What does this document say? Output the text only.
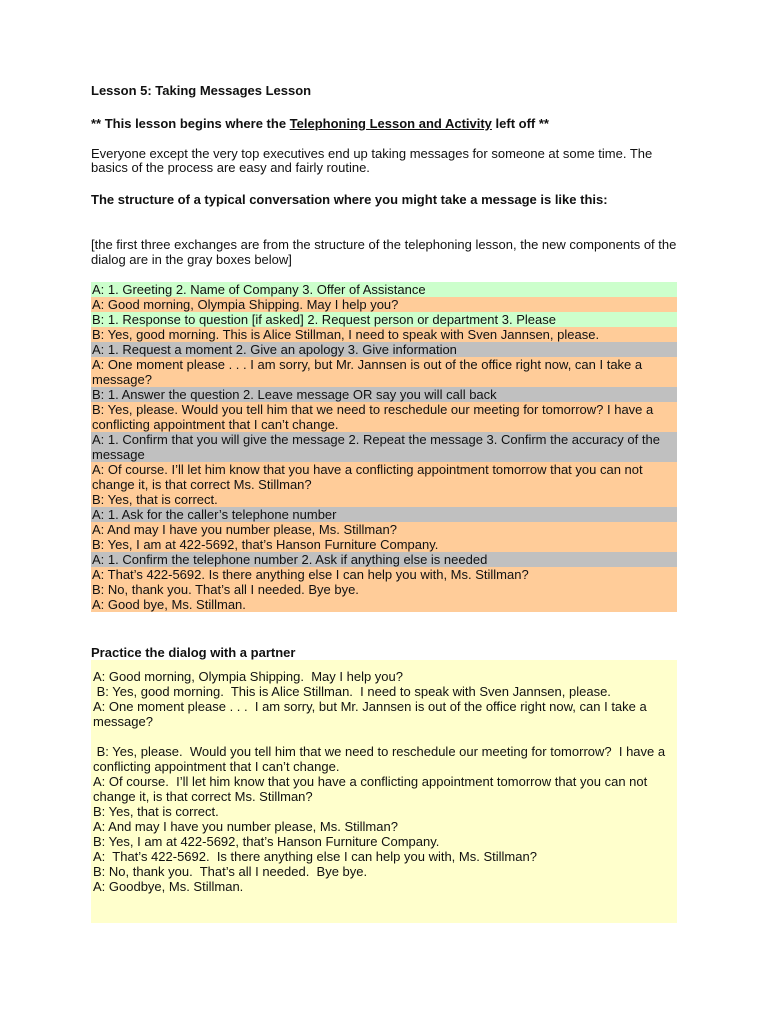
Lesson 5: Taking Messages Lesson
** This lesson begins where the Telephoning Lesson and Activity left off **
Everyone except the very top executives end up taking messages for someone at some time. The basics of the process are easy and fairly routine.
The structure of a typical conversation where you might take a message is like this:
[the first three exchanges are from the structure of the telephoning lesson, the new components of the dialog are in the gray boxes below]
A: 1. Greeting 2. Name of Company 3. Offer of Assistance
A: Good morning, Olympia Shipping. May I help you?
B: 1. Response to question [if asked] 2. Request person or department 3. Please
B: Yes, good morning. This is Alice Stillman, I need to speak with Sven Jannsen, please.
A: 1. Request a moment 2. Give an apology 3. Give information
A: One moment please . . . I am sorry, but Mr. Jannsen is out of the office right now, can I take a message?
B: 1. Answer the question 2. Leave message OR say you will call back
B: Yes, please. Would you tell him that we need to reschedule our meeting for tomorrow? I have a conflicting appointment that I can’t change.
A: 1. Confirm that you will give the message 2. Repeat the message 3. Confirm the accuracy of the message
A: Of course. I’ll let him know that you have a conflicting appointment tomorrow that you can not change it, is that correct Ms. Stillman?
B: Yes, that is correct.
A: 1. Ask for the caller’s telephone number
A: And may I have you number please, Ms. Stillman?
B: Yes, I am at 422-5692, that’s Hanson Furniture Company.
A: 1. Confirm the telephone number 2. Ask if anything else is needed
A: That’s 422-5692. Is there anything else I can help you with, Ms. Stillman?
B: No, thank you. That’s all I needed. Bye bye.
A: Good bye, Ms. Stillman.
Practice the dialog with a partner
A: Good morning, Olympia Shipping.  May I help you?
B: Yes, good morning.  This is Alice Stillman.  I need to speak with Sven Jannsen, please.
A: One moment please . . .  I am sorry, but Mr. Jannsen is out of the office right now, can I take a message?
B: Yes, please.  Would you tell him that we need to reschedule our meeting for tomorrow?  I have a conflicting appointment that I can’t change.
A: Of course.  I’ll let him know that you have a conflicting appointment tomorrow that you can not change it, is that correct Ms. Stillman?
B: Yes, that is correct.
A: And may I have you number please, Ms. Stillman?
B: Yes, I am at 422-5692, that’s Hanson Furniture Company.
A:  That’s 422-5692.  Is there anything else I can help you with, Ms. Stillman?
B: No, thank you.  That’s all I needed.  Bye bye.
A: Goodbye, Ms. Stillman.
